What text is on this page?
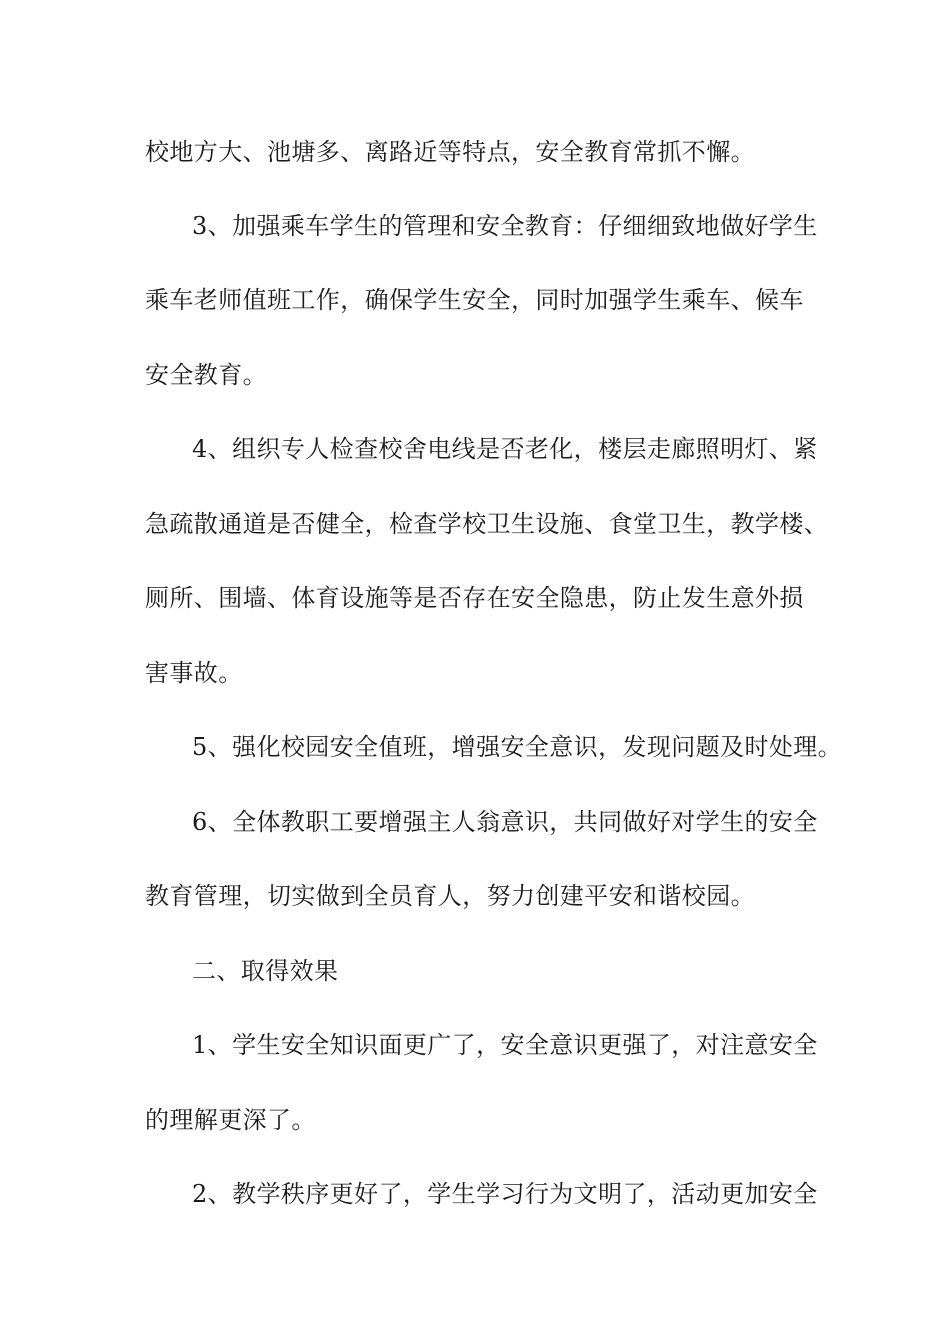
校地方大、池塘多、离路近等特点，安全教育常抓不懈。
3、加强乘车学生的管理和安全教育：仔细细致地做好学生
乘车老师值班工作，确保学生安全，同时加强学生乘车、候车
安全教育。
4、组织专人检查校舍电线是否老化，楼层走廊照明灯、紧
急疏散通道是否健全，检查学校卫生设施、食堂卫生，教学楼、
厕所、围墙、体育设施等是否存在安全隐患，防止发生意外损
害事故。
5、强化校园安全值班，增强安全意识，发现问题及时处理。
6、全体教职工要增强主人翁意识，共同做好对学生的安全
教育管理，切实做到全员育人，努力创建平安和谐校园。
二、取得效果
1、学生安全知识面更广了，安全意识更强了，对注意安全
的理解更深了。
2、教学秩序更好了，学生学习行为文明了，活动更加安全
